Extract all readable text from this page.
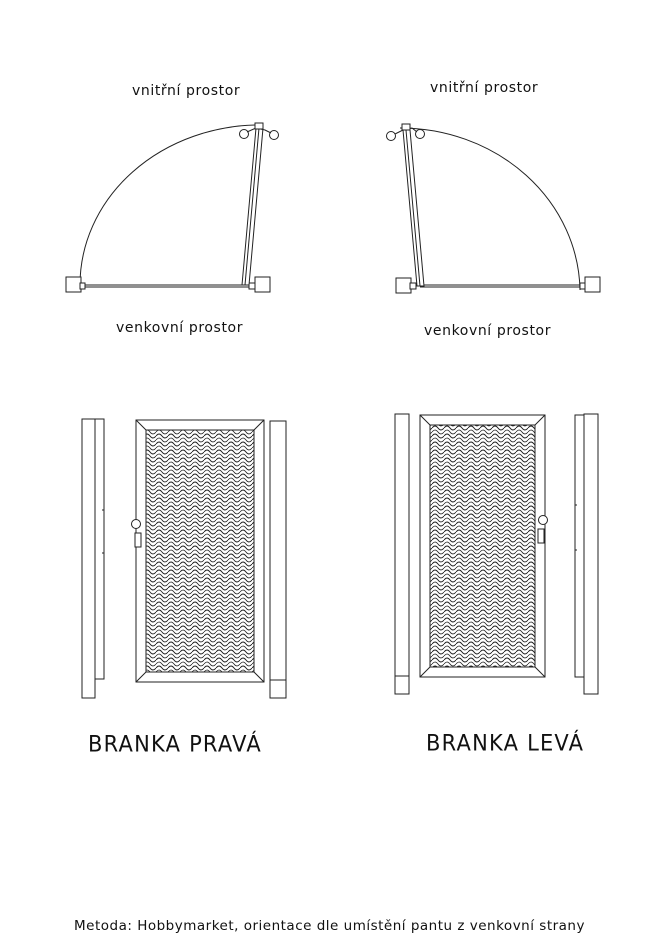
vnitřní prostor
venkovní prostor
vnitřní prostor
venkovní prostor
BRANKA PRAVÁ	BRANKA LEVÁ
Metoda: Hobbymarket, orientace dle umístění pantu z venkovní strany
